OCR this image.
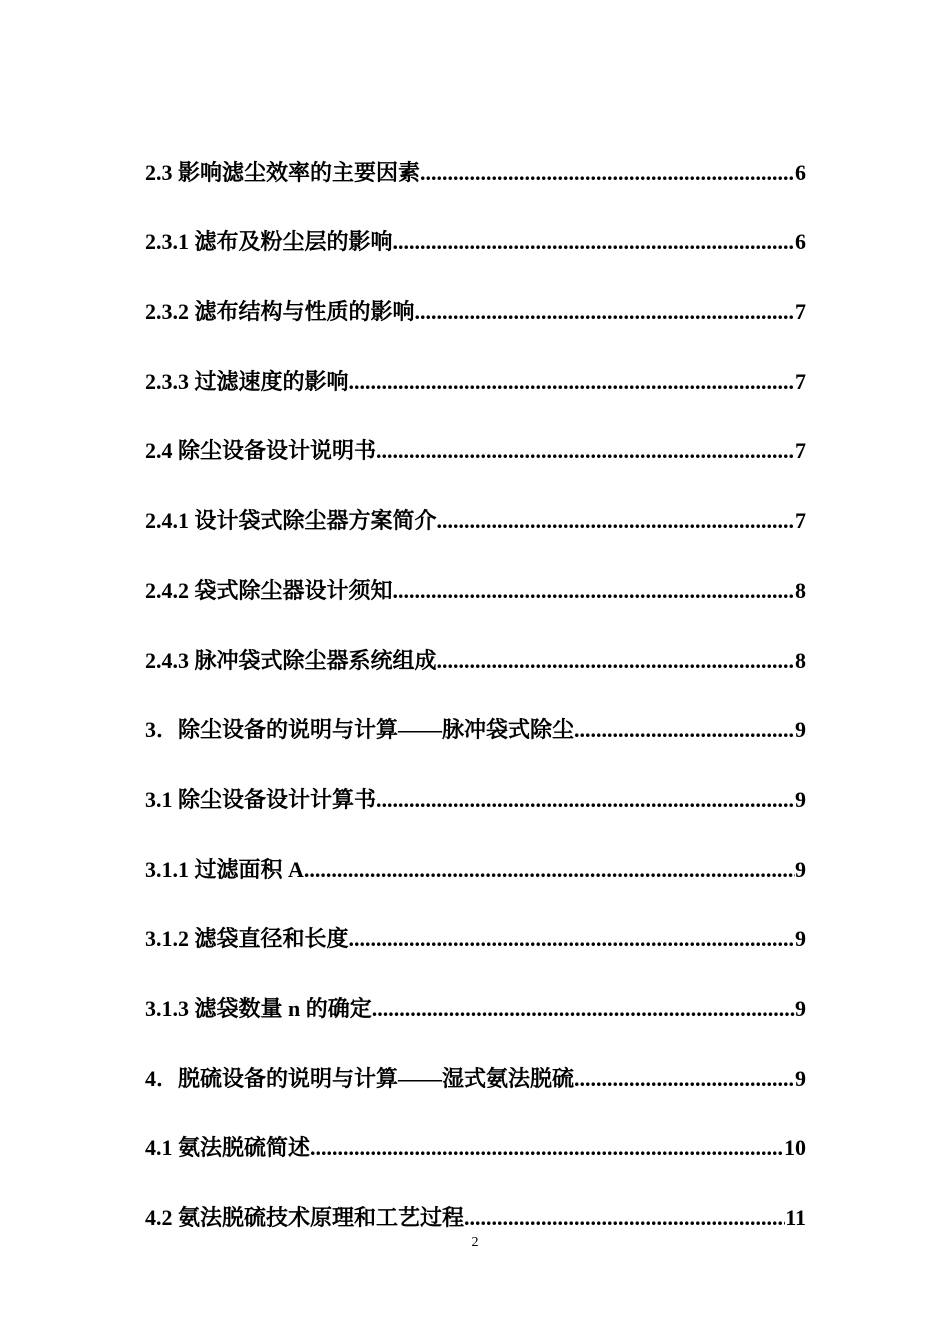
2.3 影响滤尘效率的主要因素 .....	6
2.3.1 滤布及粉尘层的影响 .....	6
2.3.2 滤布结构与性质的影响 .....	7
2.3.3 过滤速度的影响 .....	7
2.4 除尘设备设计说明书 .....	7
2.4.1 设计袋式除尘器方案简介 .....	7
2.4.2 袋式除尘器设计须知 .....	8
2.4.3 脉冲袋式除尘器系统组成 .....	8
3．除尘设备的说明与计算——脉冲袋式除尘 .....	9
3.1 除尘设备设计计算书 .....	9
3.1.1 过滤面积 A .....	9
3.1.2 滤袋直径和长度 .....	9
3.1.3 滤袋数量 n 的确定 .....	9
4．脱硫设备的说明与计算——湿式氨法脱硫 .....	9
4.1 氨法脱硫简述 .....	10
4.2 氨法脱硫技术原理和工艺过程 .....	11
2
